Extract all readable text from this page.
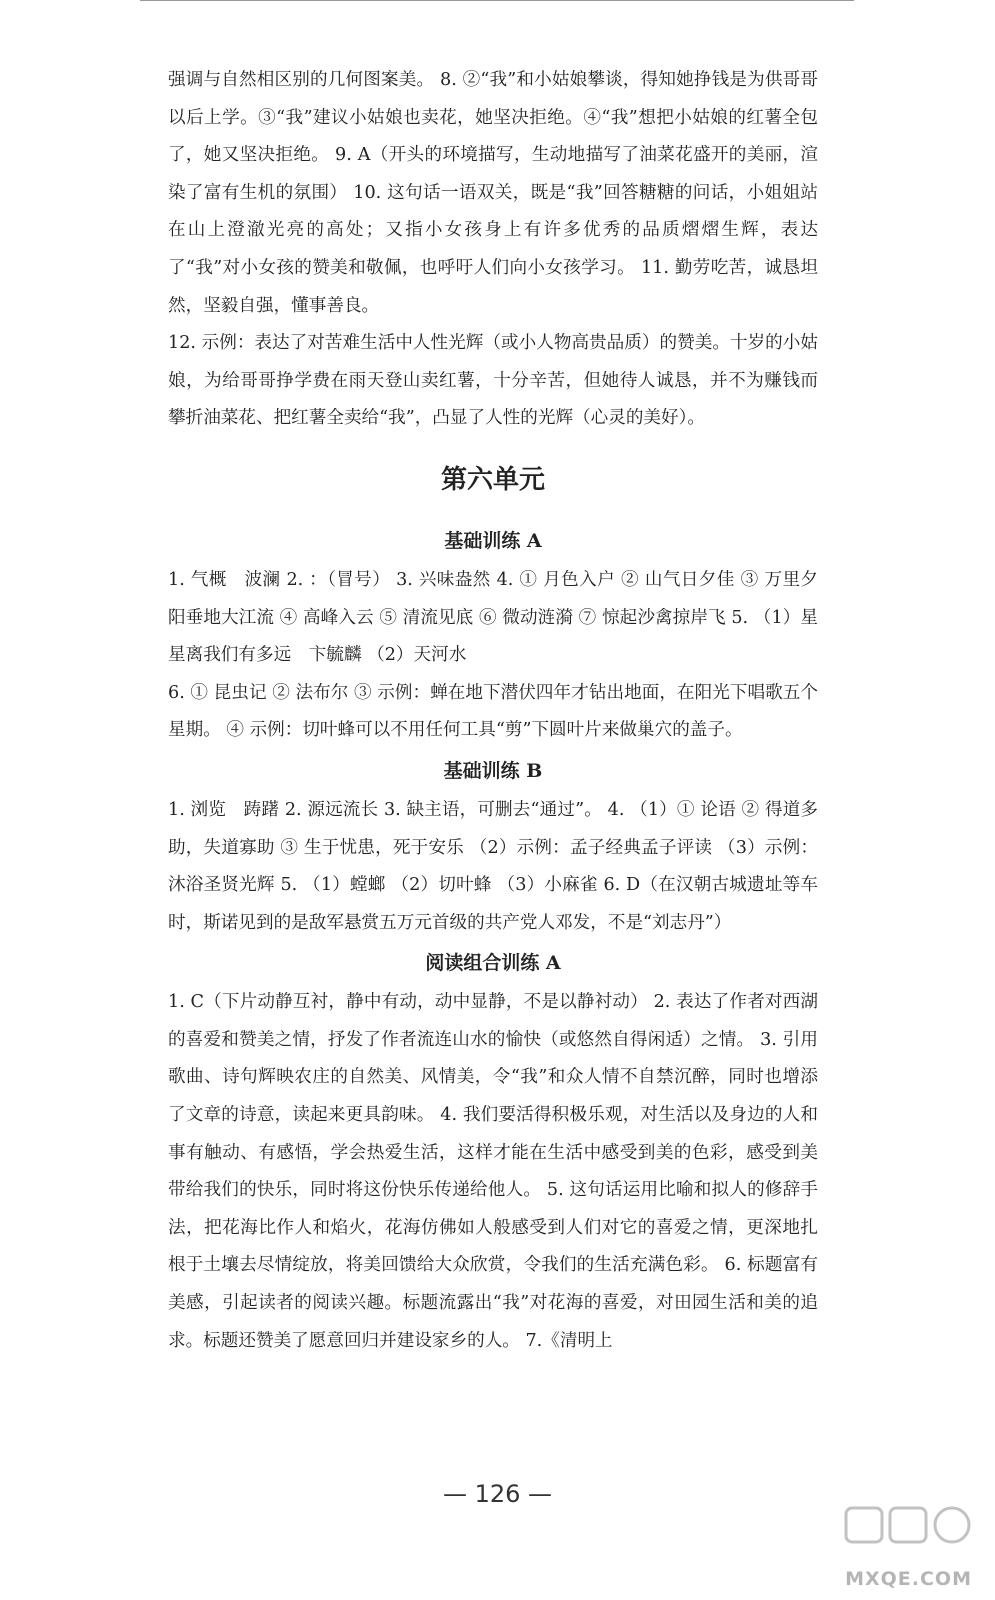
强调与自然相区别的几何图案美。 8. ②“我”和小姑娘攀谈，得知她挣钱是为供哥哥以后上学。③“我”建议小姑娘也卖花，她坚决拒绝。④“我”想把小姑娘的红薯全包了，她又坚决拒绝。 9. A（开头的环境描写，生动地描写了油菜花盛开的美丽，渲染了富有生机的氛围） 10. 这句话一语双关，既是“我”回答糖糖的问话，小姐姐站在山上澄澈光亮的高处；又指小女孩身上有许多优秀的品质熠熠生辉，表达了“我”对小女孩的赞美和敬佩，也呼吁人们向小女孩学习。 11. 勤劳吃苦，诚恳坦然，坚毅自强，懂事善良。

12. 示例：表达了对苦难生活中人性光辉（或小人物高贵品质）的赞美。十岁的小姑娘，为给哥哥挣学费在雨天登山卖红薯，十分辛苦，但她待人诚恳，并不为赚钱而攀折油菜花、把红薯全卖给“我”，凸显了人性的光辉（心灵的美好）。

第六单元
基础训练 A

1. 气概　波澜 2. ：（冒号） 3. 兴味盎然 4. ① 月色入户 ② 山气日夕佳 ③ 万里夕阳垂地大江流 ④ 高峰入云 ⑤ 清流见底 ⑥ 微动涟漪 ⑦ 惊起沙禽掠岸飞 5. （1）星星离我们有多远　卞毓麟 （2）天河水

6. ① 昆虫记 ② 法布尔 ③ 示例：蝉在地下潜伏四年才钻出地面，在阳光下唱歌五个星期。 ④ 示例：切叶蜂可以不用任何工具“剪”下圆叶片来做巢穴的盖子。

基础训练 B

1. 浏览　踌躇 2. 源远流长 3. 缺主语，可删去“通过”。 4. （1）① 论语 ② 得道多助，失道寡助 ③ 生于忧患，死于安乐 （2）示例：孟子经典孟子评读 （3）示例：沐浴圣贤光辉 5. （1）螳螂 （2）切叶蜂 （3）小麻雀 6. D（在汉朝古城遗址等车时，斯诺见到的是敌军悬赏五万元首级的共产党人邓发，不是“刘志丹”）

阅读组合训练 A

1. C（下片动静互衬，静中有动，动中显静，不是以静衬动） 2. 表达了作者对西湖的喜爱和赞美之情，抒发了作者流连山水的愉快（或悠然自得闲适）之情。 3. 引用歌曲、诗句辉映农庄的自然美、风情美，令“我”和众人情不自禁沉醉，同时也增添了文章的诗意，读起来更具韵味。 4. 我们要活得积极乐观，对生活以及身边的人和事有触动、有感悟，学会热爱生活，这样才能在生活中感受到美的色彩，感受到美带给我们的快乐，同时将这份快乐传递给他人。 5. 这句话运用比喻和拟人的修辞手法，把花海比作人和焰火，花海仿佛如人般感受到人们对它的喜爱之情，更深地扎根于土壤去尽情绽放，将美回馈给大众欣赏，令我们的生活充满色彩。 6. 标题富有美感，引起读者的阅读兴趣。标题流露出“我”对花海的喜爱，对田园生活和美的追求。标题还赞美了愿意回归并建设家乡的人。 7.《清明上

— 126 —
MXQE.COM
